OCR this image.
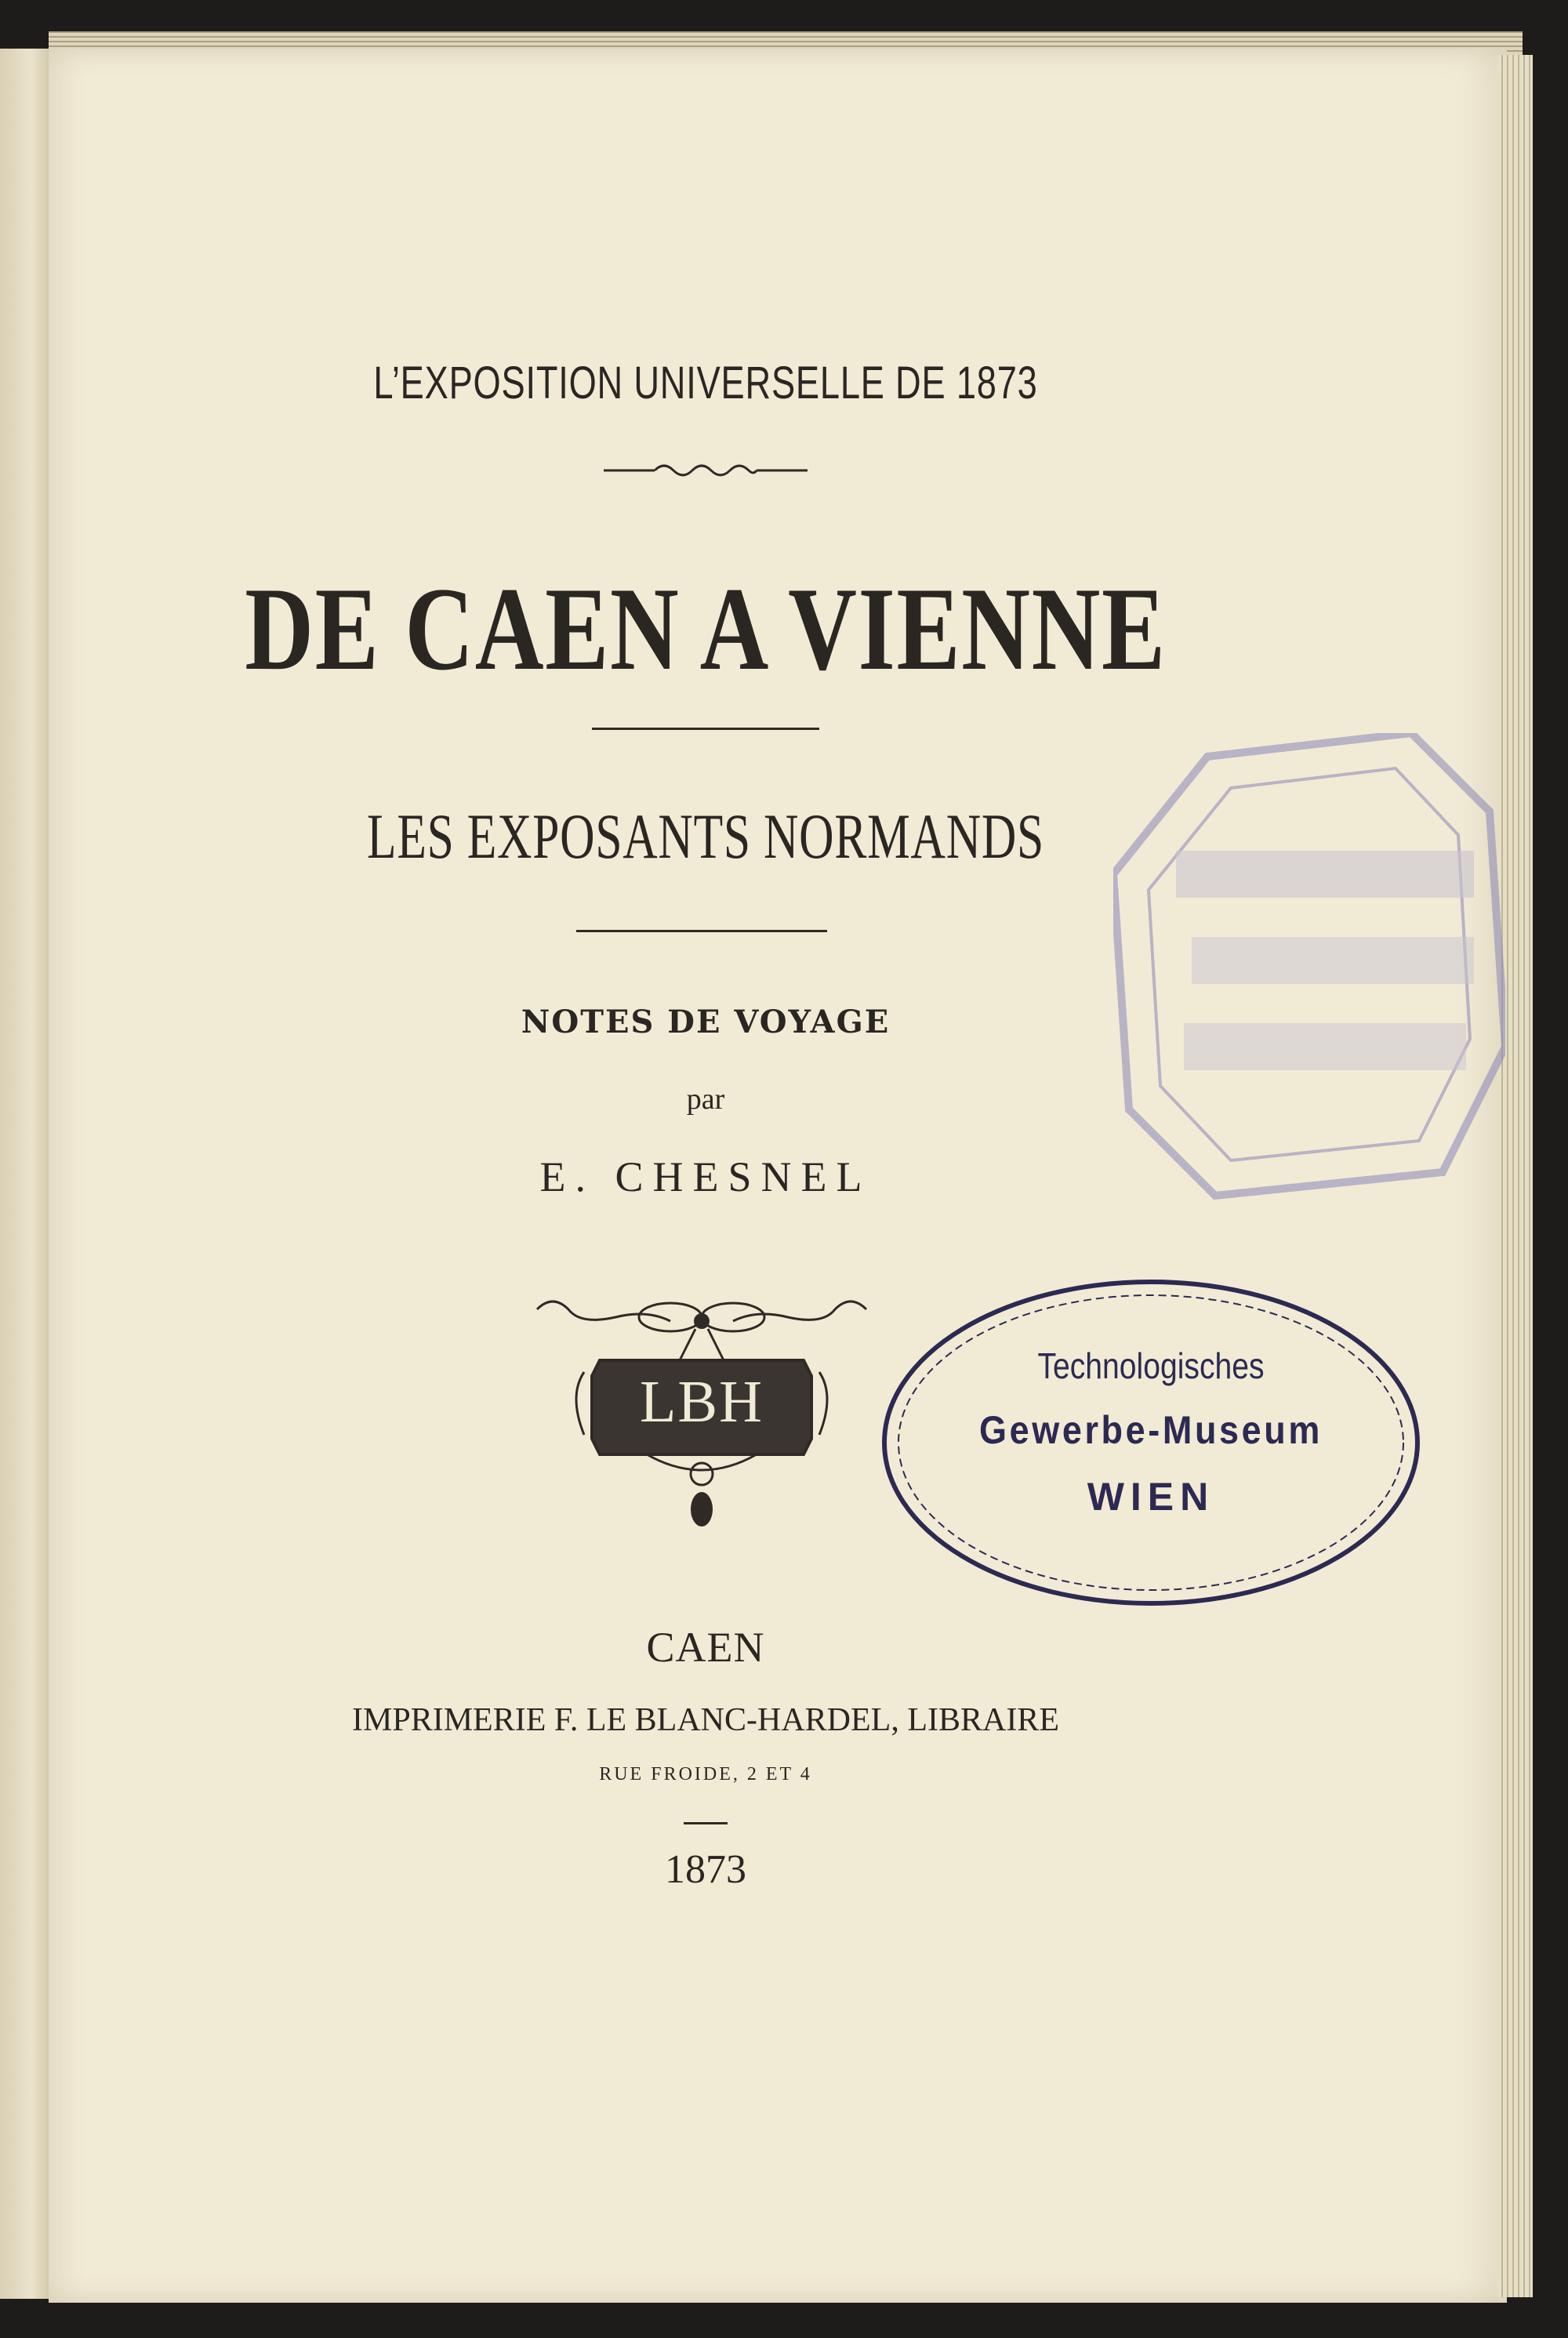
L’EXPOSITION UNIVERSELLE DE 1873
DE CAEN A VIENNE
LES EXPOSANTS NORMANDS
NOTES DE VOYAGE
par
E. CHESNEL
LBH
CAEN
IMPRIMERIE F. LE BLANC-HARDEL, LIBRAIRE
RUE FROIDE, 2 ET 4
1873
Technologisches
Gewerbe-Museum
WIEN
